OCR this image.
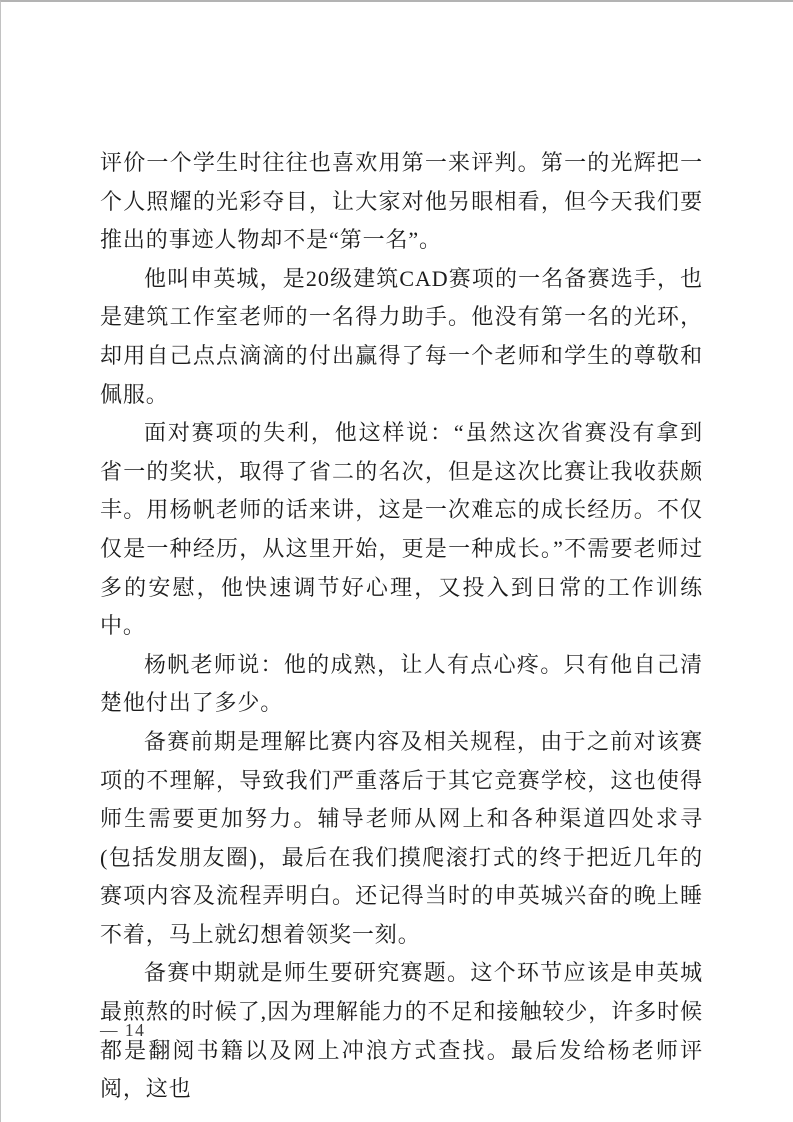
评价一个学生时往往也喜欢用第一来评判。第一的光辉把一个人照耀的光彩夺目，让大家对他另眼相看，但今天我们要推出的事迹人物却不是“第一名”。

他叫申英城，是20级建筑CAD赛项的一名备赛选手，也是建筑工作室老师的一名得力助手。他没有第一名的光环，却用自己点点滴滴的付出赢得了每一个老师和学生的尊敬和佩服。

面对赛项的失利，他这样说：“虽然这次省赛没有拿到省一的奖状，取得了省二的名次，但是这次比赛让我收获颇丰。用杨帆老师的话来讲，这是一次难忘的成长经历。不仅仅是一种经历，从这里开始，更是一种成长。”不需要老师过多的安慰，他快速调节好心理，又投入到日常的工作训练中。

杨帆老师说：他的成熟，让人有点心疼。只有他自己清楚他付出了多少。

备赛前期是理解比赛内容及相关规程，由于之前对该赛项的不理解，导致我们严重落后于其它竞赛学校，这也使得师生需要更加努力。辅导老师从网上和各种渠道四处求寻(包括发朋友圈)，最后在我们摸爬滚打式的终于把近几年的赛项内容及流程弄明白。还记得当时的申英城兴奋的晚上睡不着，马上就幻想着领奖一刻。

备赛中期就是师生要研究赛题。这个环节应该是申英城最煎熬的时候了,因为理解能力的不足和接触较少，许多时候都是翻阅书籍以及网上冲浪方式查找。最后发给杨老师评阅，这也

— 14
